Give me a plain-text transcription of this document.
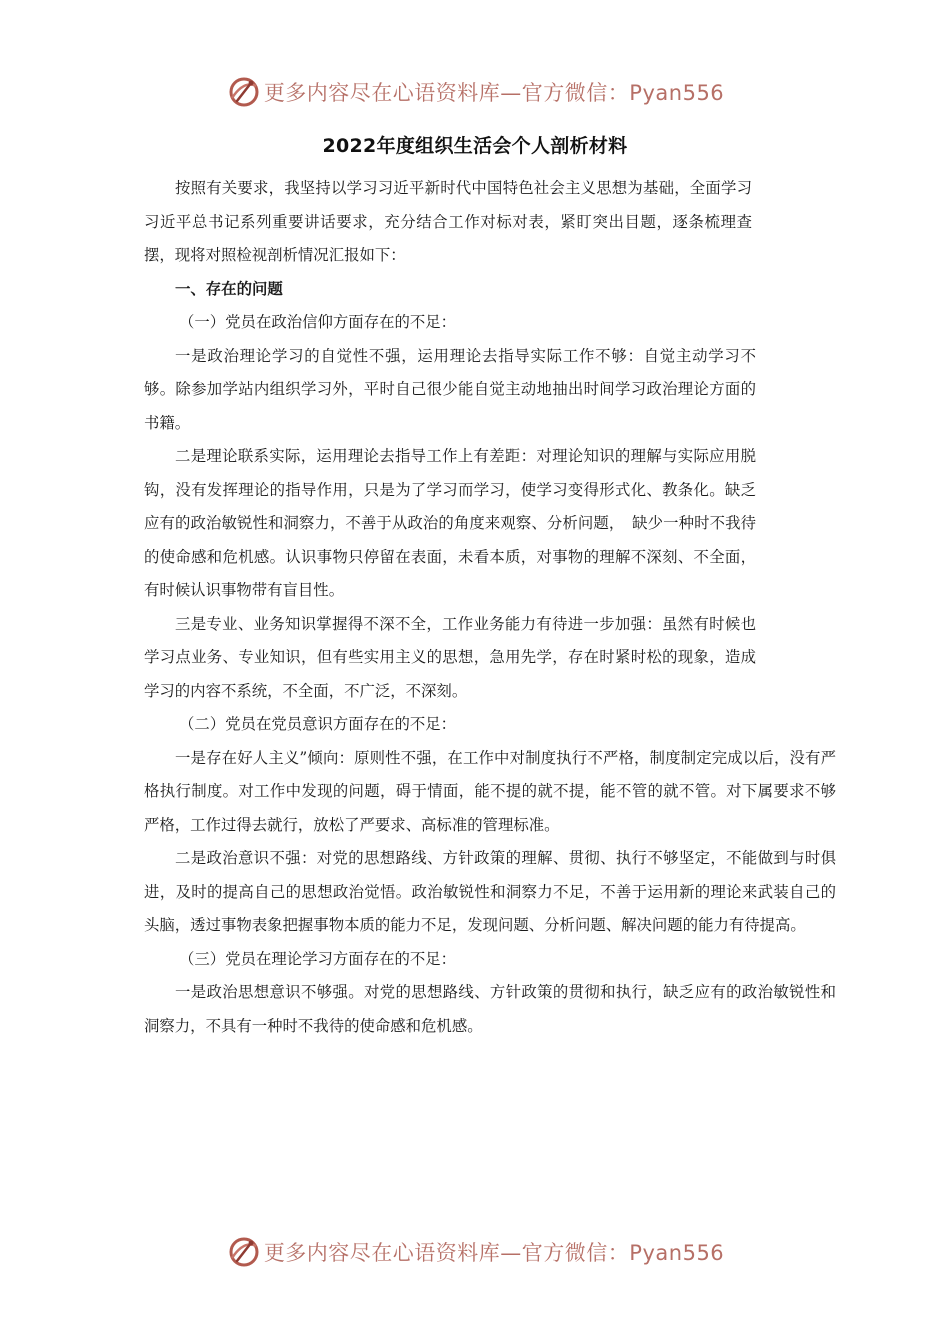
更多内容尽在心语资料库—官方微信：Pyan556
2022年度组织生活会个人剖析材料

按照有关要求，我坚持以学习习近平新时代中国特色社会主义思想为基础，全面学习习近平总书记系列重要讲话要求，充分结合工作对标对表，紧盯突出目题，逐条梳理查摆，现将对照检视剖析情况汇报如下：

一、存在的问题

（一）党员在政治信仰方面存在的不足：

一是政治理论学习的自觉性不强，运用理论去指导实际工作不够：自觉主动学习不够。除参加学站内组织学习外，平时自己很少能自觉主动地抽出时间学习政治理论方面的书籍。

二是理论联系实际，运用理论去指导工作上有差距：对理论知识的理解与实际应用脱钩，没有发挥理论的指导作用，只是为了学习而学习，使学习变得形式化、教条化。缺乏应有的政治敏锐性和洞察力，不善于从政治的角度来观察、分析问题，　缺少一种时不我待的使命感和危机感。认识事物只停留在表面，未看本质，对事物的理解不深刻、不全面，有时候认识事物带有盲目性。

三是专业、业务知识掌握得不深不全，工作业务能力有待进一步加强：虽然有时候也学习点业务、专业知识，但有些实用主义的思想，急用先学，存在时紧时松的现象，造成学习的内容不系统，不全面，不广泛，不深刻。

（二）党员在党员意识方面存在的不足：

一是存在好人主义”倾向：原则性不强，在工作中对制度执行不严格，制度制定完成以后，没有严格执行制度。对工作中发现的问题，碍于情面，能不提的就不提，能不管的就不管。对下属要求不够严格，工作过得去就行，放松了严要求、高标准的管理标准。

二是政治意识不强：对党的思想路线、方针政策的理解、贯彻、执行不够坚定，不能做到与时俱进，及时的提高自己的思想政治觉悟。政治敏锐性和洞察力不足，不善于运用新的理论来武装自己的头脑，透过事物表象把握事物本质的能力不足，发现问题、分析问题、解决问题的能力有待提高。

（三）党员在理论学习方面存在的不足：

一是政治思想意识不够强。对党的思想路线、方针政策的贯彻和执行，缺乏应有的政治敏锐性和洞察力，不具有一种时不我待的使命感和危机感。

更多内容尽在心语资料库—官方微信：Pyan556
